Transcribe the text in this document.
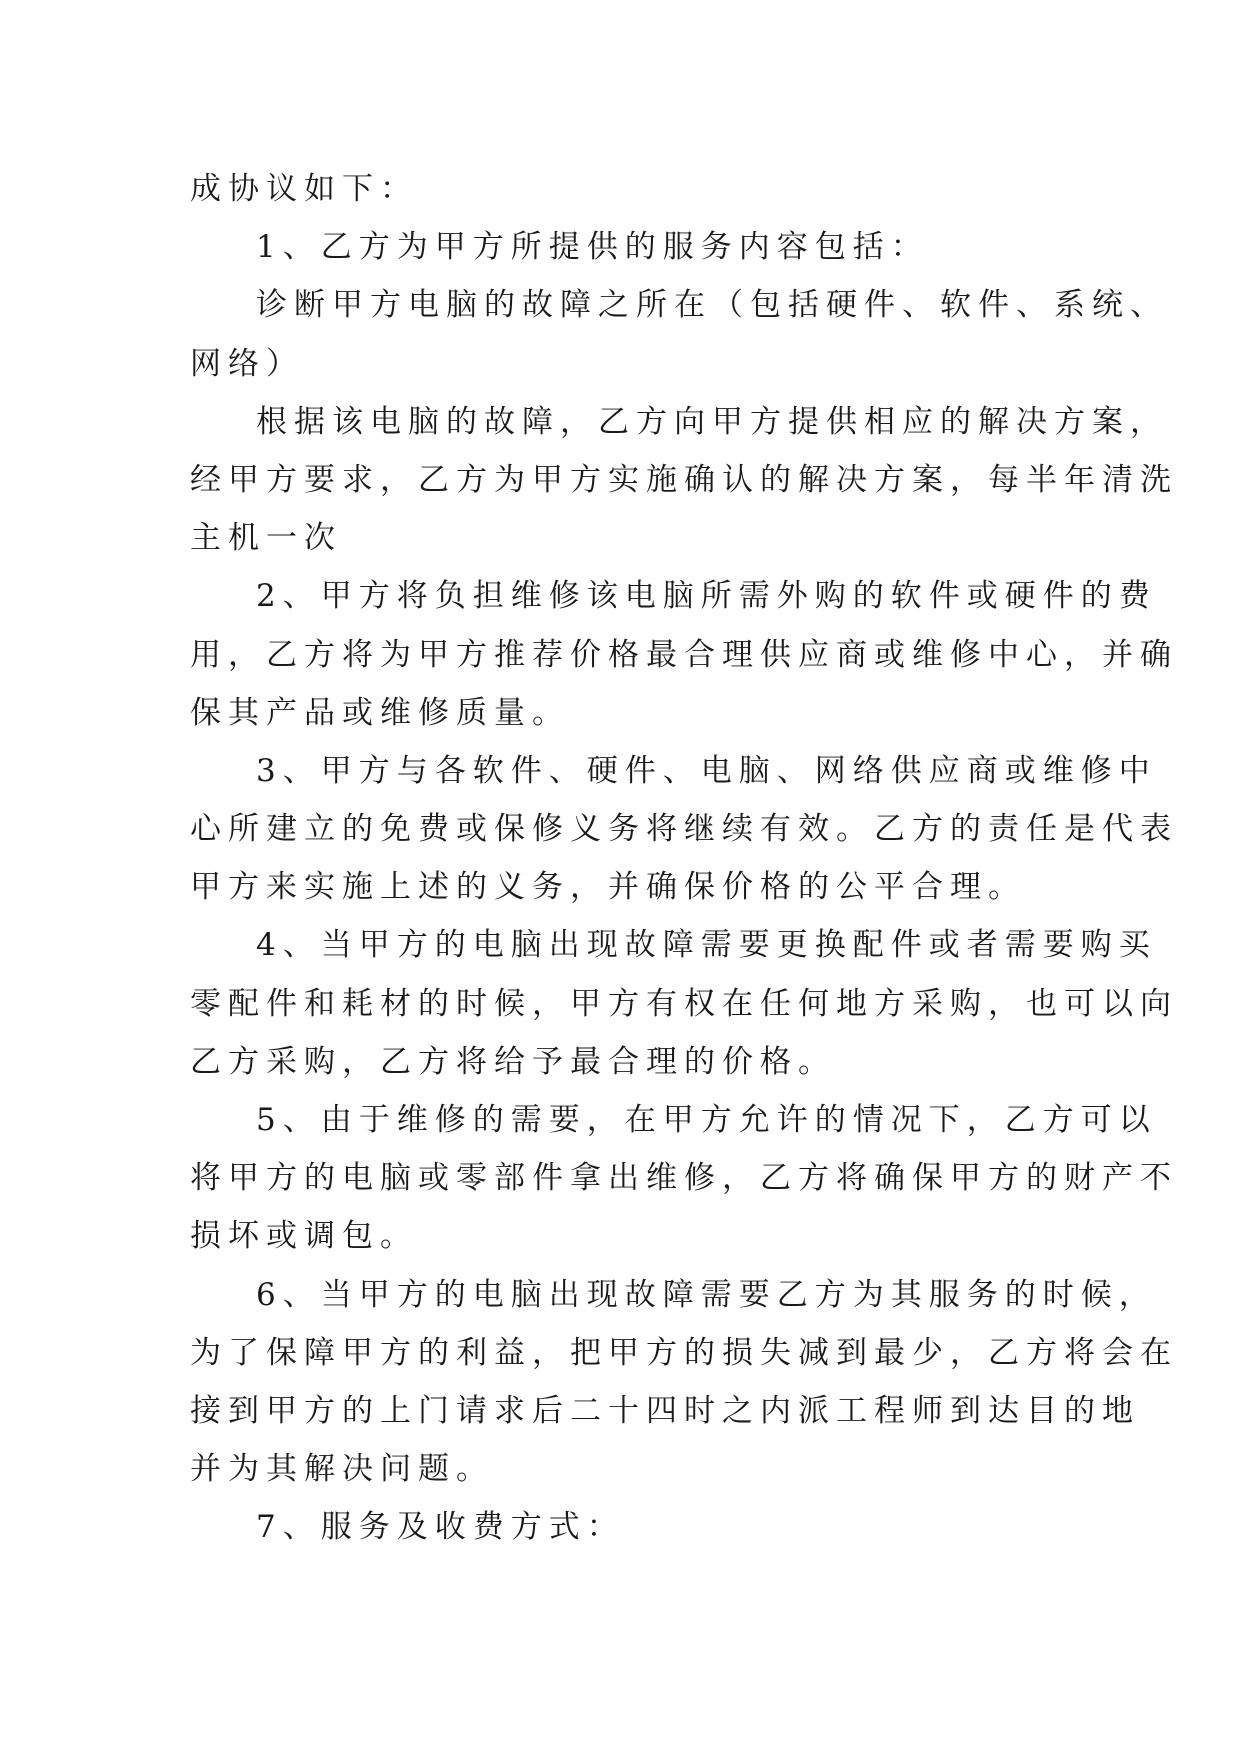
成协议如下：
1、乙方为甲方所提供的服务内容包括：
诊断甲方电脑的故障之所在（包括硬件、软件、系统、
网络）
根据该电脑的故障，乙方向甲方提供相应的解决方案，
经甲方要求，乙方为甲方实施确认的解决方案，每半年清洗
主机一次
2、甲方将负担维修该电脑所需外购的软件或硬件的费
用，乙方将为甲方推荐价格最合理供应商或维修中心，并确
保其产品或维修质量。
3、甲方与各软件、硬件、电脑、网络供应商或维修中
心所建立的免费或保修义务将继续有效。乙方的责任是代表
甲方来实施上述的义务，并确保价格的公平合理。
4、当甲方的电脑出现故障需要更换配件或者需要购买
零配件和耗材的时候，甲方有权在任何地方采购，也可以向
乙方采购，乙方将给予最合理的价格。
5、由于维修的需要，在甲方允许的情况下，乙方可以
将甲方的电脑或零部件拿出维修，乙方将确保甲方的财产不
损坏或调包。
6、当甲方的电脑出现故障需要乙方为其服务的时候，
为了保障甲方的利益，把甲方的损失减到最少，乙方将会在
接到甲方的上门请求后二十四时之内派工程师到达目的地
并为其解决问题。
7、服务及收费方式：
